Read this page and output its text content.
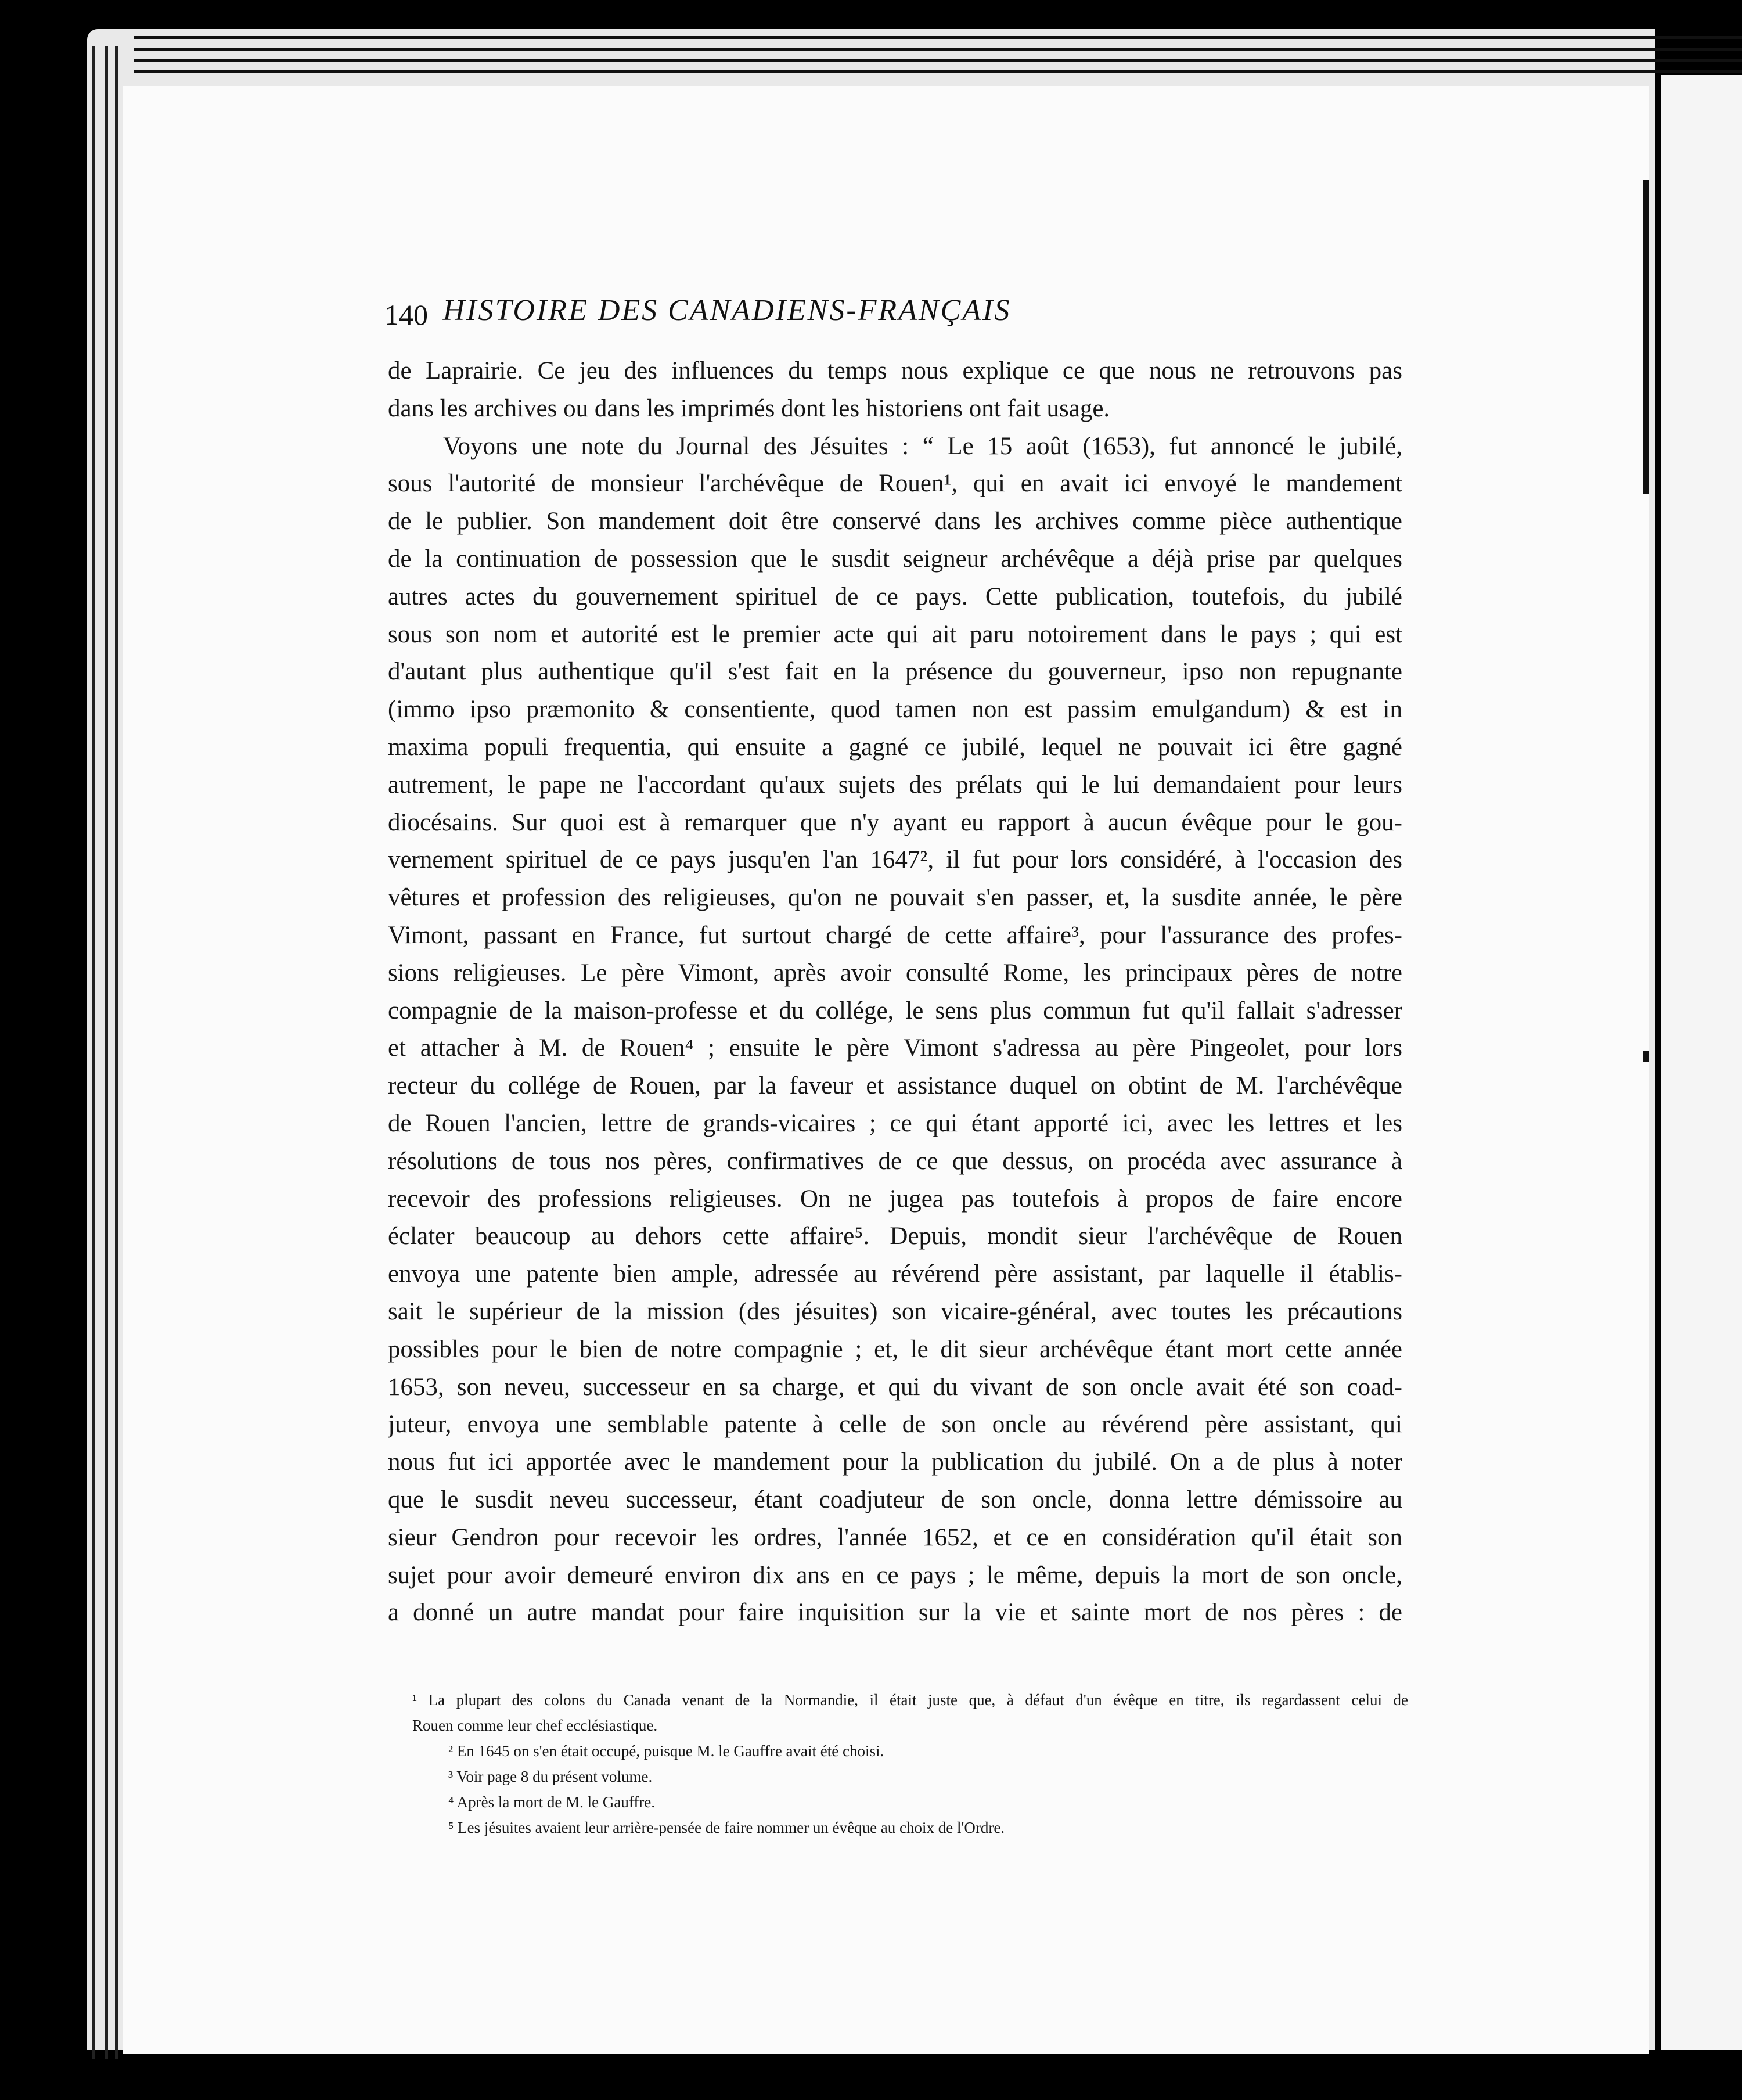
140 HISTOIRE DES CANADIENS-FRANÇAIS
de Laprairie. Ce jeu des influences du temps nous explique ce que nous ne retrouvons pas
dans les archives ou dans les imprimés dont les historiens ont fait usage.
Voyons une note du Journal des Jésuites : “ Le 15 août (1653), fut annoncé le jubilé,
sous l'autorité de monsieur l'archévêque de Rouen¹, qui en avait ici envoyé le mandement
de le publier. Son mandement doit être conservé dans les archives comme pièce authentique
de la continuation de possession que le susdit seigneur archévêque a déjà prise par quelques
autres actes du gouvernement spirituel de ce pays. Cette publication, toutefois, du jubilé
sous son nom et autorité est le premier acte qui ait paru notoirement dans le pays ; qui est
d'autant plus authentique qu'il s'est fait en la présence du gouverneur, ipso non repugnante
(immo ipso præmonito & consentiente, quod tamen non est passim emulgandum) & est in
maxima populi frequentia, qui ensuite a gagné ce jubilé, lequel ne pouvait ici être gagné
autrement, le pape ne l'accordant qu'aux sujets des prélats qui le lui demandaient pour leurs
diocésains. Sur quoi est à remarquer que n'y ayant eu rapport à aucun évêque pour le gou-
vernement spirituel de ce pays jusqu'en l'an 1647², il fut pour lors considéré, à l'occasion des
vêtures et profession des religieuses, qu'on ne pouvait s'en passer, et, la susdite année, le père
Vimont, passant en France, fut surtout chargé de cette affaire³, pour l'assurance des profes-
sions religieuses. Le père Vimont, après avoir consulté Rome, les principaux pères de notre
compagnie de la maison-professe et du collége, le sens plus commun fut qu'il fallait s'adresser
et attacher à M. de Rouen⁴ ; ensuite le père Vimont s'adressa au père Pingeolet, pour lors
recteur du collége de Rouen, par la faveur et assistance duquel on obtint de M. l'archévêque
de Rouen l'ancien, lettre de grands-vicaires ; ce qui étant apporté ici, avec les lettres et les
résolutions de tous nos pères, confirmatives de ce que dessus, on procéda avec assurance à
recevoir des professions religieuses. On ne jugea pas toutefois à propos de faire encore
éclater beaucoup au dehors cette affaire⁵. Depuis, mondit sieur l'archévêque de Rouen
envoya une patente bien ample, adressée au révérend père assistant, par laquelle il établis-
sait le supérieur de la mission (des jésuites) son vicaire-général, avec toutes les précautions
possibles pour le bien de notre compagnie ; et, le dit sieur archévêque étant mort cette année
1653, son neveu, successeur en sa charge, et qui du vivant de son oncle avait été son coad-
juteur, envoya une semblable patente à celle de son oncle au révérend père assistant, qui
nous fut ici apportée avec le mandement pour la publication du jubilé. On a de plus à noter
que le susdit neveu successeur, étant coadjuteur de son oncle, donna lettre démissoire au
sieur Gendron pour recevoir les ordres, l'année 1652, et ce en considération qu'il était son
sujet pour avoir demeuré environ dix ans en ce pays ; le même, depuis la mort de son oncle,
a donné un autre mandat pour faire inquisition sur la vie et sainte mort de nos pères : de
¹ La plupart des colons du Canada venant de la Normandie, il était juste que, à défaut d'un évêque en titre, ils regardassent celui de
Rouen comme leur chef ecclésiastique.
² En 1645 on s'en était occupé, puisque M. le Gauffre avait été choisi.
³ Voir page 8 du présent volume.
⁴ Après la mort de M. le Gauffre.
⁵ Les jésuites avaient leur arrière-pensée de faire nommer un évêque au choix de l'Ordre.
